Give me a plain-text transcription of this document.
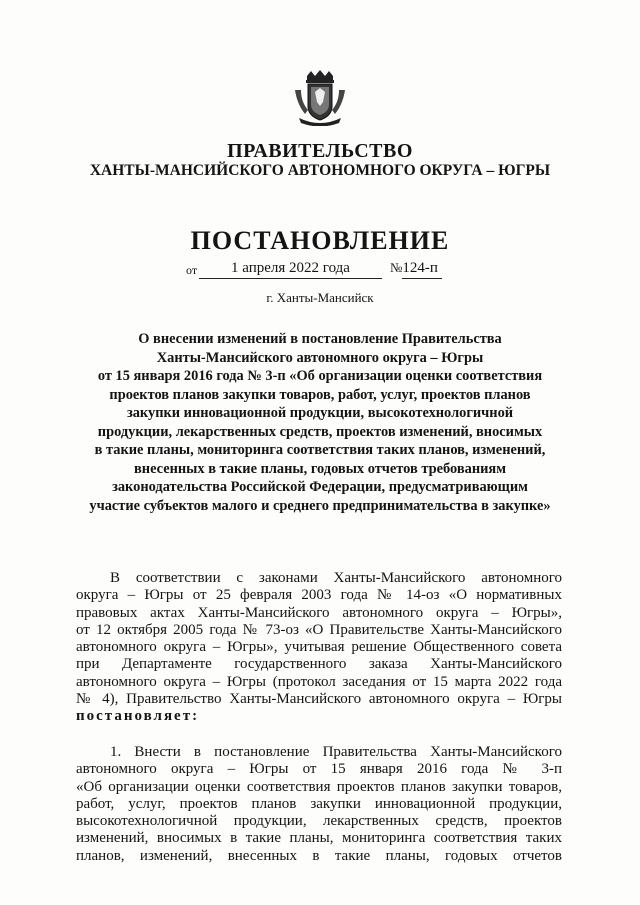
ПРАВИТЕЛЬСТВО
ХАНТЫ-МАНСИЙСКОГО АВТОНОМНОГО ОКРУГА – ЮГРЫ
ПОСТАНОВЛЕНИЕ
от	1 апреля 2022 года	№124-п
г. Ханты-Мансийск
О внесении изменений в постановление Правительства
Ханты-Мансийского автономного округа – Югры
от 15 января 2016 года № 3-п «Об организации оценки соответствия
проектов планов закупки товаров, работ, услуг, проектов планов
закупки инновационной продукции, высокотехнологичной
продукции, лекарственных средств, проектов изменений, вносимых
в такие планы, мониторинга соответствия таких планов, изменений,
внесенных в такие планы, годовых отчетов требованиям
законодательства Российской Федерации, предусматривающим
участие субъектов малого и среднего предпринимательства в закупке»
В соответствии с законами Ханты-Мансийского автономного
округа – Югры от 25 февраля 2003 года № 14-оз «О нормативных
правовых актах Ханты-Мансийского автономного округа – Югры»,
от 12 октября 2005 года № 73-оз «О Правительстве Ханты-Мансийского
автономного округа – Югры», учитывая решение Общественного совета
при Департаменте государственного заказа Ханты-Мансийского
автономного округа – Югры (протокол заседания от 15 марта 2022 года
№ 4), Правительство Ханты-Мансийского автономного округа – Югры
постановляет:
1. Внести в постановление Правительства Ханты-Мансийского
автономного округа – Югры от 15 января 2016 года № 3-п
«Об организации оценки соответствия проектов планов закупки товаров,
работ, услуг, проектов планов закупки инновационной продукции,
высокотехнологичной продукции, лекарственных средств, проектов
изменений, вносимых в такие планы, мониторинга соответствия таких
планов, изменений, внесенных в такие планы, годовых отчетов
